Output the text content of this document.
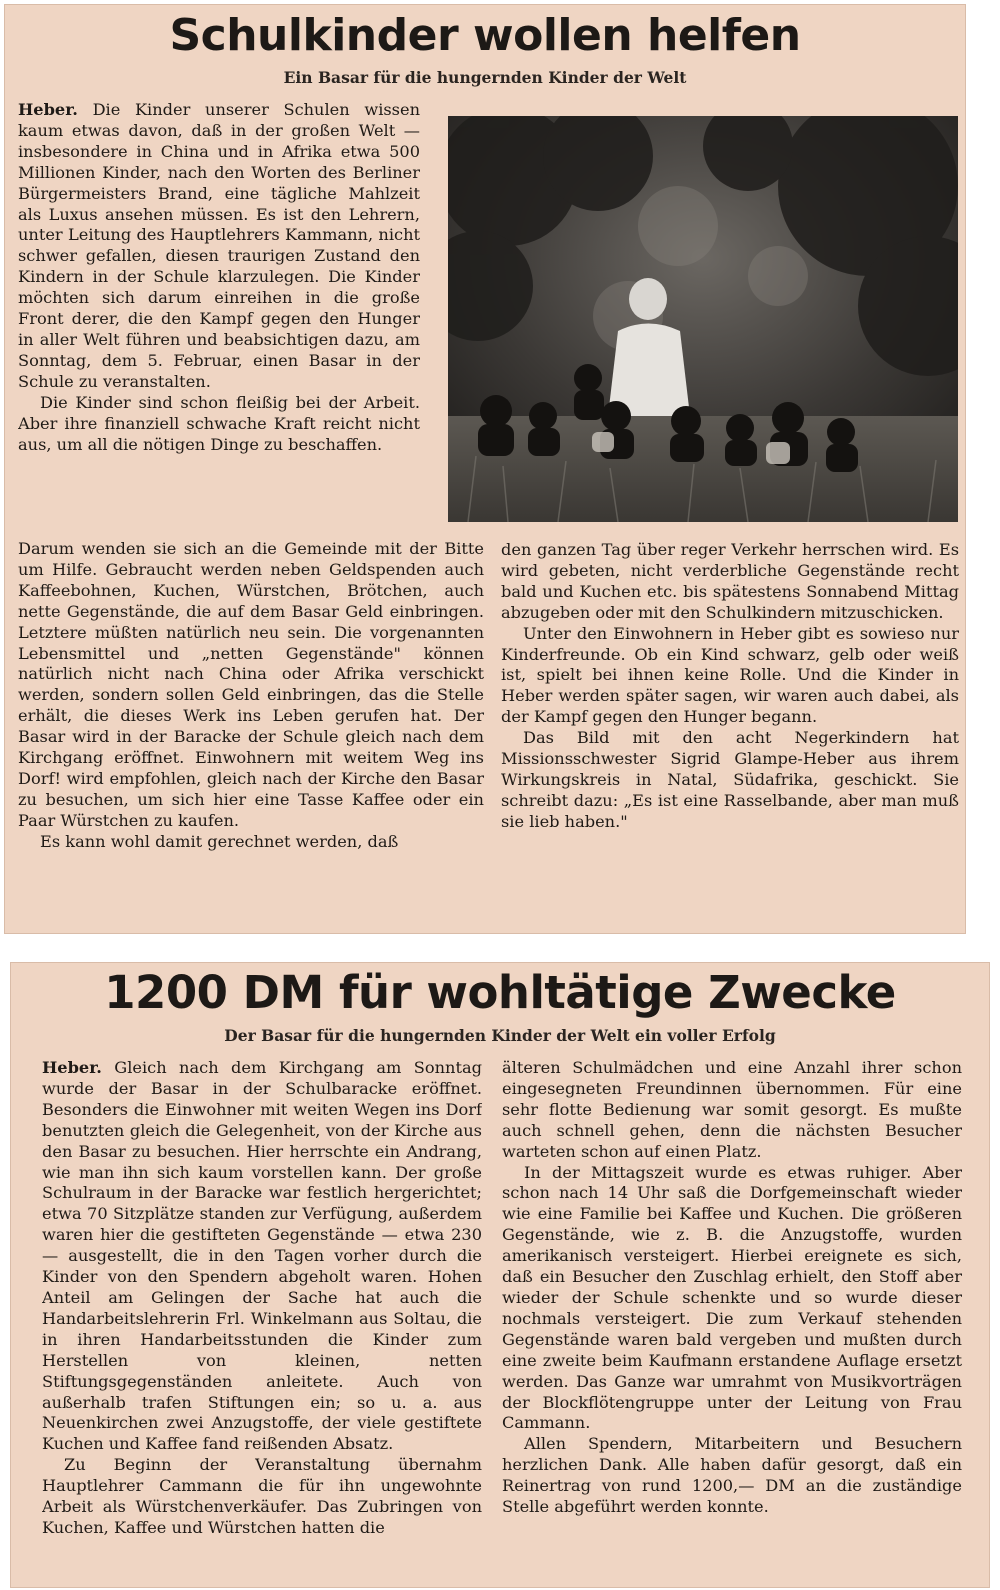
Schulkinder wollen helfen
Ein Basar für die hungernden Kinder der Welt

Heber. Die Kinder unserer Schulen wissen kaum etwas davon, daß in der großen Welt — insbesondere in China und in Afrika etwa 500 Millionen Kinder, nach den Worten des Berliner Bürgermeisters Brand, eine tägliche Mahlzeit als Luxus ansehen müssen. Es ist den Lehrern, unter Leitung des Hauptlehrers Kammann, nicht schwer gefallen, diesen traurigen Zustand den Kindern in der Schule klarzulegen. Die Kinder möchten sich darum einreihen in die große Front derer, die den Kampf gegen den Hunger in aller Welt führen und beabsichtigen dazu, am Sonntag, dem 5. Februar, einen Basar in der Schule zu veranstalten.

Die Kinder sind schon fleißig bei der Arbeit. Aber ihre finanziell schwache Kraft reicht nicht aus, um all die nötigen Dinge zu beschaffen.

Darum wenden sie sich an die Gemeinde mit der Bitte um Hilfe. Gebraucht werden neben Geldspenden auch Kaffeebohnen, Kuchen, Würstchen, Brötchen, auch nette Gegenstände, die auf dem Basar Geld einbringen. Letztere müßten natürlich neu sein. Die vorgenannten Lebensmittel und „netten Gegenstände" können natürlich nicht nach China oder Afrika verschickt werden, sondern sollen Geld einbringen, das die Stelle erhält, die dieses Werk ins Leben gerufen hat. Der Basar wird in der Baracke der Schule gleich nach dem Kirchgang eröffnet. Einwohnern mit weitem Weg ins Dorf! wird empfohlen, gleich nach der Kirche den Basar zu besuchen, um sich hier eine Tasse Kaffee oder ein Paar Würstchen zu kaufen.

Es kann wohl damit gerechnet werden, daß

den ganzen Tag über reger Verkehr herrschen wird. Es wird gebeten, nicht verderbliche Gegenstände recht bald und Kuchen etc. bis spätestens Sonnabend Mittag abzugeben oder mit den Schulkindern mitzuschicken.

Unter den Einwohnern in Heber gibt es sowieso nur Kinderfreunde. Ob ein Kind schwarz, gelb oder weiß ist, spielt bei ihnen keine Rolle. Und die Kinder in Heber werden später sagen, wir waren auch dabei, als der Kampf gegen den Hunger begann.

Das Bild mit den acht Negerkindern hat Missionsschwester Sigrid Glampe-Heber aus ihrem Wirkungskreis in Natal, Südafrika, geschickt. Sie schreibt dazu: „Es ist eine Rasselbande, aber man muß sie lieb haben."

1200 DM für wohltätige Zwecke
Der Basar für die hungernden Kinder der Welt ein voller Erfolg

Heber. Gleich nach dem Kirchgang am Sonntag wurde der Basar in der Schulbaracke eröffnet. Besonders die Einwohner mit weiten Wegen ins Dorf benutzten gleich die Gelegenheit, von der Kirche aus den Basar zu besuchen. Hier herrschte ein Andrang, wie man ihn sich kaum vorstellen kann. Der große Schulraum in der Baracke war festlich hergerichtet; etwa 70 Sitzplätze standen zur Verfügung, außerdem waren hier die gestifteten Gegenstände — etwa 230 — ausgestellt, die in den Tagen vorher durch die Kinder von den Spendern abgeholt waren. Hohen Anteil am Gelingen der Sache hat auch die Handarbeitslehrerin Frl. Winkelmann aus Soltau, die in ihren Handarbeitsstunden die Kinder zum Herstellen von kleinen, netten Stiftungsgegenständen anleitete. Auch von außerhalb trafen Stiftungen ein; so u. a. aus Neuenkirchen zwei Anzugstoffe, der viele gestiftete Kuchen und Kaffee fand reißenden Absatz.

Zu Beginn der Veranstaltung übernahm Hauptlehrer Cammann die für ihn ungewohnte Arbeit als Würstchenverkäufer. Das Zubringen von Kuchen, Kaffee und Würstchen hatten die

älteren Schulmädchen und eine Anzahl ihrer schon eingesegneten Freundinnen übernommen. Für eine sehr flotte Bedienung war somit gesorgt. Es mußte auch schnell gehen, denn die nächsten Besucher warteten schon auf einen Platz.

In der Mittagszeit wurde es etwas ruhiger. Aber schon nach 14 Uhr saß die Dorfgemeinschaft wieder wie eine Familie bei Kaffee und Kuchen. Die größeren Gegenstände, wie z. B. die Anzugstoffe, wurden amerikanisch versteigert. Hierbei ereignete es sich, daß ein Besucher den Zuschlag erhielt, den Stoff aber wieder der Schule schenkte und so wurde dieser nochmals versteigert. Die zum Verkauf stehenden Gegenstände waren bald vergeben und mußten durch eine zweite beim Kaufmann erstandene Auflage ersetzt werden. Das Ganze war umrahmt von Musikvorträgen der Blockflötengruppe unter der Leitung von Frau Cammann.

Allen Spendern, Mitarbeitern und Besuchern herzlichen Dank. Alle haben dafür gesorgt, daß ein Reinertrag von rund 1200,— DM an die zuständige Stelle abgeführt werden konnte.
